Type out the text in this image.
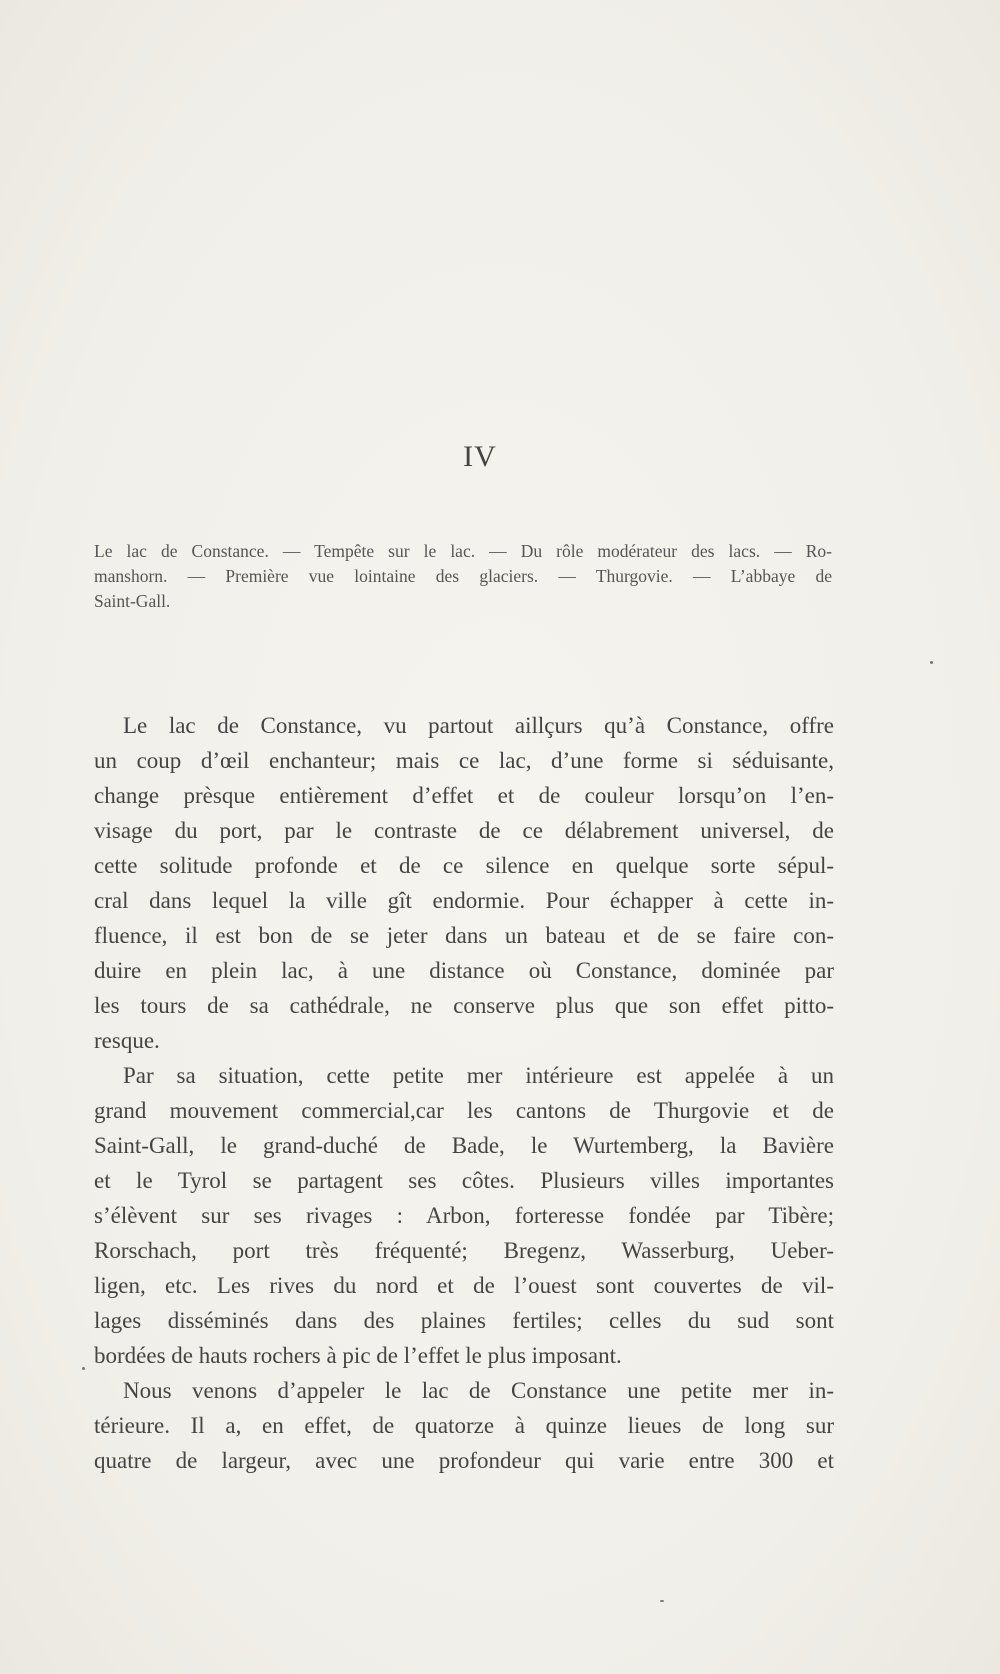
IV
Le lac de Constance. — Tempête sur le lac. — Du rôle modérateur des lacs. — Ro-
manshorn. — Première vue lointaine des glaciers. — Thurgovie. — L’abbaye de
Saint-Gall.
Le lac de Constance, vu partout aillçurs qu’à Constance, offre
un coup d’œil enchanteur; mais ce lac, d’une forme si séduisante,
change prèsque entièrement d’effet et de couleur lorsqu’on l’en-
visage du port, par le contraste de ce délabrement universel, de
cette solitude profonde et de ce silence en quelque sorte sépul-
cral dans lequel la ville gît endormie. Pour échapper à cette in-
fluence, il est bon de se jeter dans un bateau et de se faire con-
duire en plein lac, à une distance où Constance, dominée par
les tours de sa cathédrale, ne conserve plus que son effet pitto-
resque.
Par sa situation, cette petite mer intérieure est appelée à un
grand mouvement commercial,car les cantons de Thurgovie et de
Saint-Gall, le grand-duché de Bade, le Wurtemberg, la Bavière
et le Tyrol se partagent ses côtes. Plusieurs villes importantes
s’élèvent sur ses rivages : Arbon, forteresse fondée par Tibère;
Rorschach, port très fréquenté; Bregenz, Wasserburg, Ueber-
ligen, etc. Les rives du nord et de l’ouest sont couvertes de vil-
lages disséminés dans des plaines fertiles; celles du sud sont
bordées de hauts rochers à pic de l’effet le plus imposant.
Nous venons d’appeler le lac de Constance une petite mer in-
térieure. Il a, en effet, de quatorze à quinze lieues de long sur
quatre de largeur, avec une profondeur qui varie entre 300 et
